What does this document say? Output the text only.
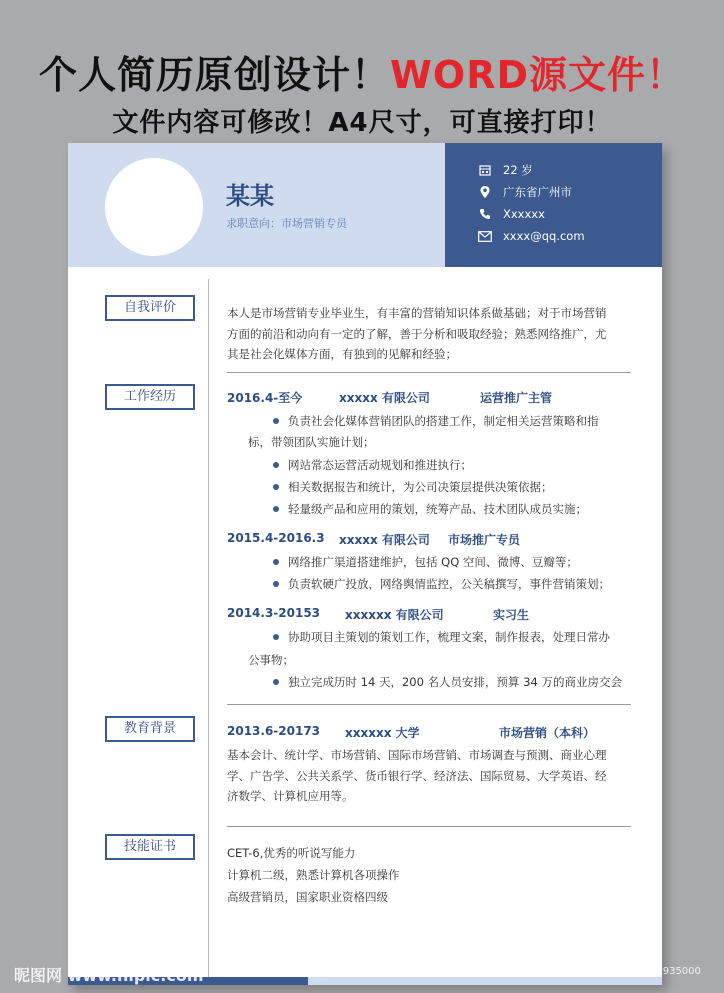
个人简历原创设计！WORD源文件！
文件内容可修改！A4尺寸，可直接打印！
某某
求职意向：市场营销专员
22 岁
广东省广州市
Xxxxxx
xxxx@qq.com
自我评价	本人是市场营销专业毕业生，有丰富的营销知识体系做基础；对于市场营销
方面的前沿和动向有一定的了解，善于分析和吸取经验；熟悉网络推广，尤
其是社会化媒体方面，有独到的见解和经验；
工作经历	2016.4-至今	xxxxx 有限公司	运营推广主管
负责社会化媒体营销团队的搭建工作，制定相关运营策略和指
标，带领团队实施计划；
网站常态运营活动规划和推进执行；
相关数据报告和统计，为公司决策层提供决策依据；
轻量级产品和应用的策划，统筹产品、技术团队成员实施；
2015.4-2016.3 xxxxx 有限公司 市场推广专员
网络推广渠道搭建维护，包括 QQ 空间、微博、豆瓣等；
负责软硬广投放，网络舆情监控，公关稿撰写，事件营销策划；
2014.3-20153 xxxxxx 有限公司	实习生
协助项目主策划的策划工作，梳理文案，制作报表，处理日常办
公事物；
独立完成历时 14 天，200 名人员安排，预算 34 万的商业房交会
教育背景	2013.6-20173 xxxxxx 大学	市场营销（本科）
基本会计、统计学、市场营销、国际市场营销、市场调查与预测、商业心理
学、广告学、公共关系学、货币银行学、经济法、国际贸易、大学英语、经
济数学、计算机应用等。
技能证书	CET-6,优秀的听说写能力
计算机二级，熟悉计算机各项操作
高级营销员，国家职业资格四级
昵图网 www.nipic.com	ID:23046502 NO:20200722140419935000
